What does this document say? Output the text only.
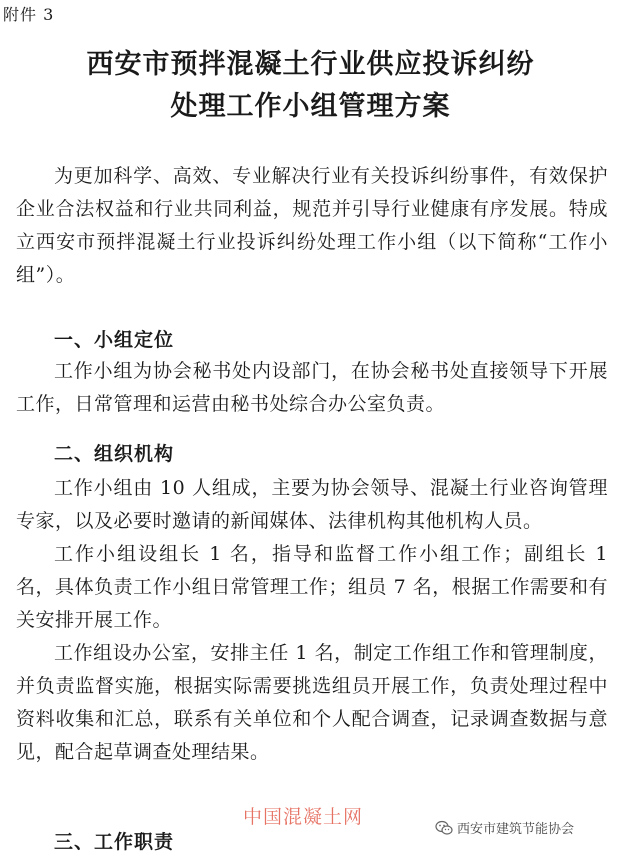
附件 3
西安市预拌混凝土行业供应投诉纠纷
处理工作小组管理方案

为更加科学、高效、专业解决行业有关投诉纠纷事件，有效保护企业合法权益和行业共同利益，规范并引导行业健康有序发展。特成立西安市预拌混凝土行业投诉纠纷处理工作小组（以下简称“工作小组”）。

一、小组定位

工作小组为协会秘书处内设部门，在协会秘书处直接领导下开展工作，日常管理和运营由秘书处综合办公室负责。

二、组织机构

工作小组由 10 人组成，主要为协会领导、混凝土行业咨询管理专家，以及必要时邀请的新闻媒体、法律机构其他机构人员。

工作小组设组长 1 名，指导和监督工作小组工作；副组长 1 名，具体负责工作小组日常管理工作；组员 7 名，根据工作需要和有关安排开展工作。

工作组设办公室，安排主任 1 名，制定工作组工作和管理制度，并负责监督实施，根据实际需要挑选组员开展工作，负责处理过程中资料收集和汇总，联系有关单位和个人配合调查，记录调查数据与意见，配合起草调查处理结果。

三、工作职责
中国混凝土网
西安市建筑节能协会
